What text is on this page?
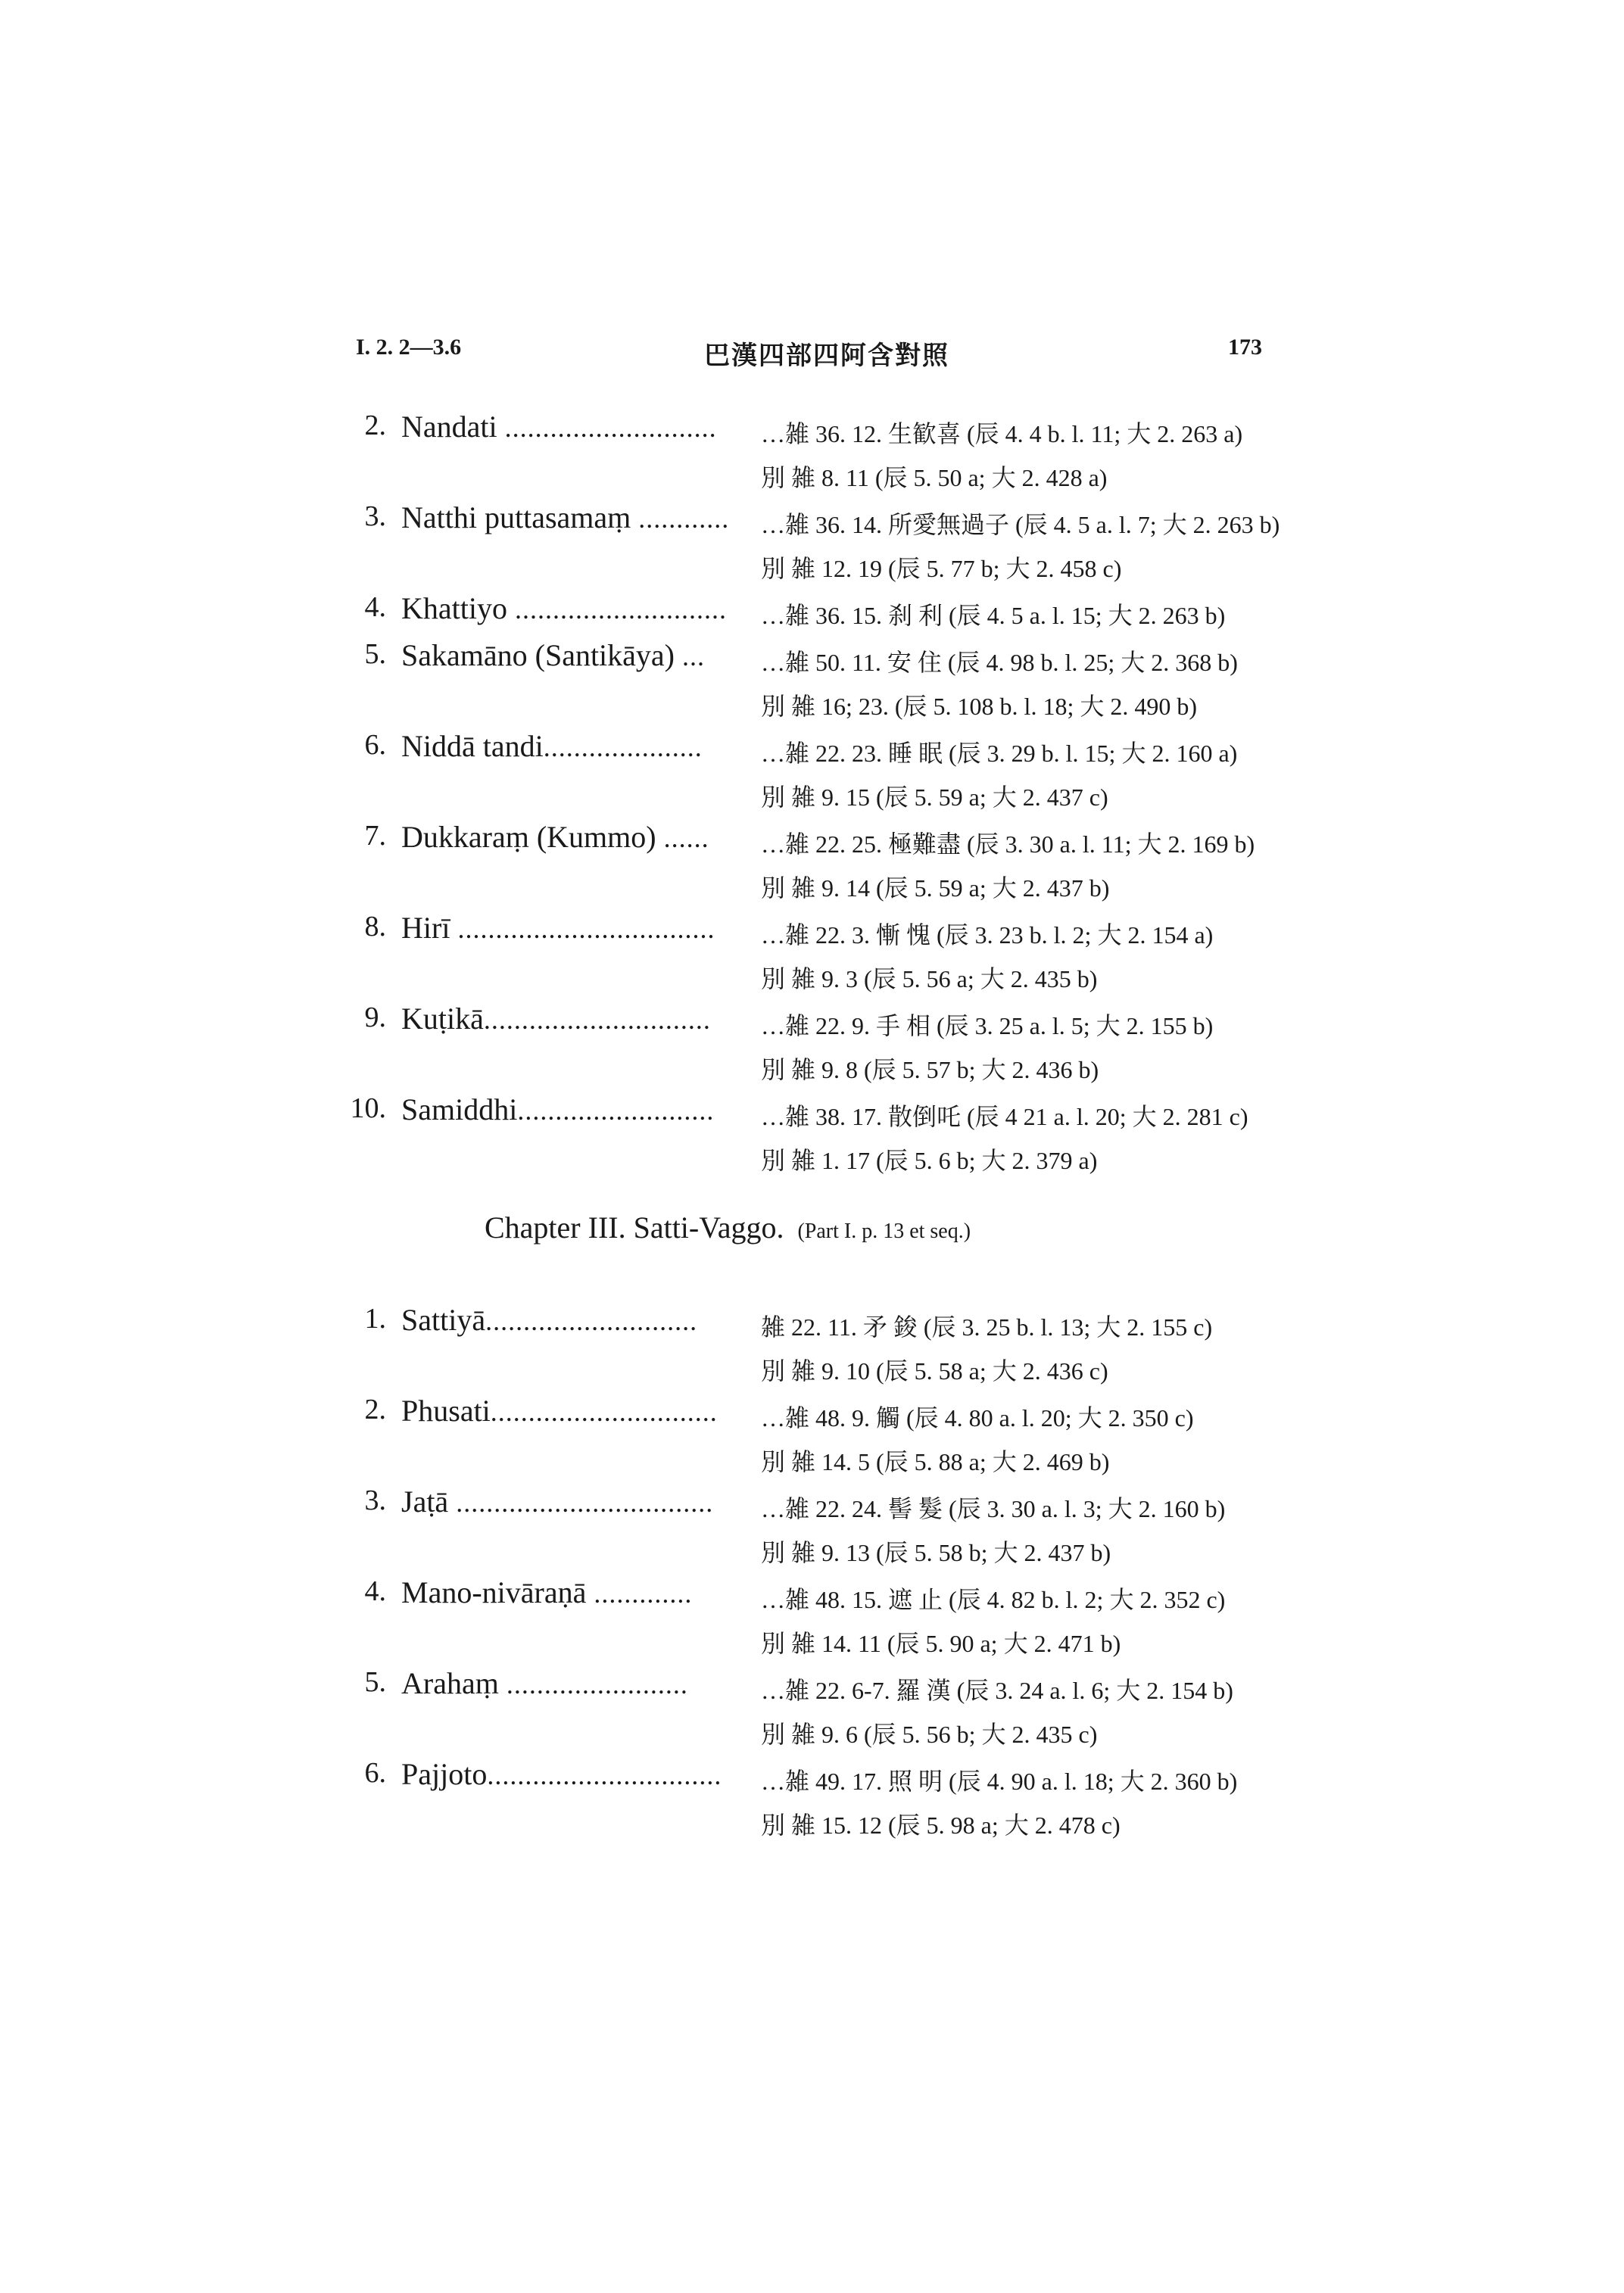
I. 2. 2—3.6	巴漢四部四阿含對照	173
2. Nandati ............................	…雑 36. 12. 生歓喜 (辰 4. 4 b. l. 11; 大 2. 263 a)
別 雑 8. 11 (辰 5. 50 a; 大 2. 428 a)
3. Natthi puttasamaṃ ............	…雑 36. 14. 所愛無過子 (辰 4. 5 a. l. 7; 大 2. 263 b)
別 雑 12. 19 (辰 5. 77 b; 大 2. 458 c)
4. Khattiyo ............................	…雑 36. 15. 刹 利 (辰 4. 5 a. l. 15; 大 2. 263 b)
5. Sakamāno (Santikāya) ...	…雑 50. 11. 安 住 (辰 4. 98 b. l. 25; 大 2. 368 b)
別 雑 16; 23. (辰 5. 108 b. l. 18; 大 2. 490 b)
6. Niddā tandi.....................	…雑 22. 23. 睡 眠 (辰 3. 29 b. l. 15; 大 2. 160 a)
別 雑 9. 15 (辰 5. 59 a; 大 2. 437 c)
7. Dukkaraṃ (Kummo) ......	…雑 22. 25. 極難盡 (辰 3. 30 a. l. 11; 大 2. 169 b)
別 雑 9. 14 (辰 5. 59 a; 大 2. 437 b)
8. Hirī ..................................	…雑 22. 3. 慚 愧 (辰 3. 23 b. l. 2; 大 2. 154 a)
別 雑 9. 3 (辰 5. 56 a; 大 2. 435 b)
9. Kuṭikā..............................	…雑 22. 9. 手 相 (辰 3. 25 a. l. 5; 大 2. 155 b)
別 雑 9. 8 (辰 5. 57 b; 大 2. 436 b)
10. Samiddhi..........................	…雑 38. 17. 散倒吒 (辰 4 21 a. l. 20; 大 2. 281 c)
別 雑 1. 17 (辰 5. 6 b; 大 2. 379 a)
Chapter III. Satti-Vaggo. (Part I. p. 13 et seq.)
1. Sattiyā............................	雑 22. 11. 矛 鋑 (辰 3. 25 b. l. 13; 大 2. 155 c)
別 雑 9. 10 (辰 5. 58 a; 大 2. 436 c)
2. Phusati..............................	…雑 48. 9. 觸 (辰 4. 80 a. l. 20; 大 2. 350 c)
別 雑 14. 5 (辰 5. 88 a; 大 2. 469 b)
3. Jaṭā ..................................	…雑 22. 24. 髻 髮 (辰 3. 30 a. l. 3; 大 2. 160 b)
別 雑 9. 13 (辰 5. 58 b; 大 2. 437 b)
4. Mano-nivāraṇā .............	…雑 48. 15. 遮 止 (辰 4. 82 b. l. 2; 大 2. 352 c)
別 雑 14. 11 (辰 5. 90 a; 大 2. 471 b)
5. Arahaṃ ........................	…雑 22. 6-7. 羅 漢 (辰 3. 24 a. l. 6; 大 2. 154 b)
別 雑 9. 6 (辰 5. 56 b; 大 2. 435 c)
6. Pajjoto...............................	…雑 49. 17. 照 明 (辰 4. 90 a. l. 18; 大 2. 360 b)
別 雑 15. 12 (辰 5. 98 a; 大 2. 478 c)
